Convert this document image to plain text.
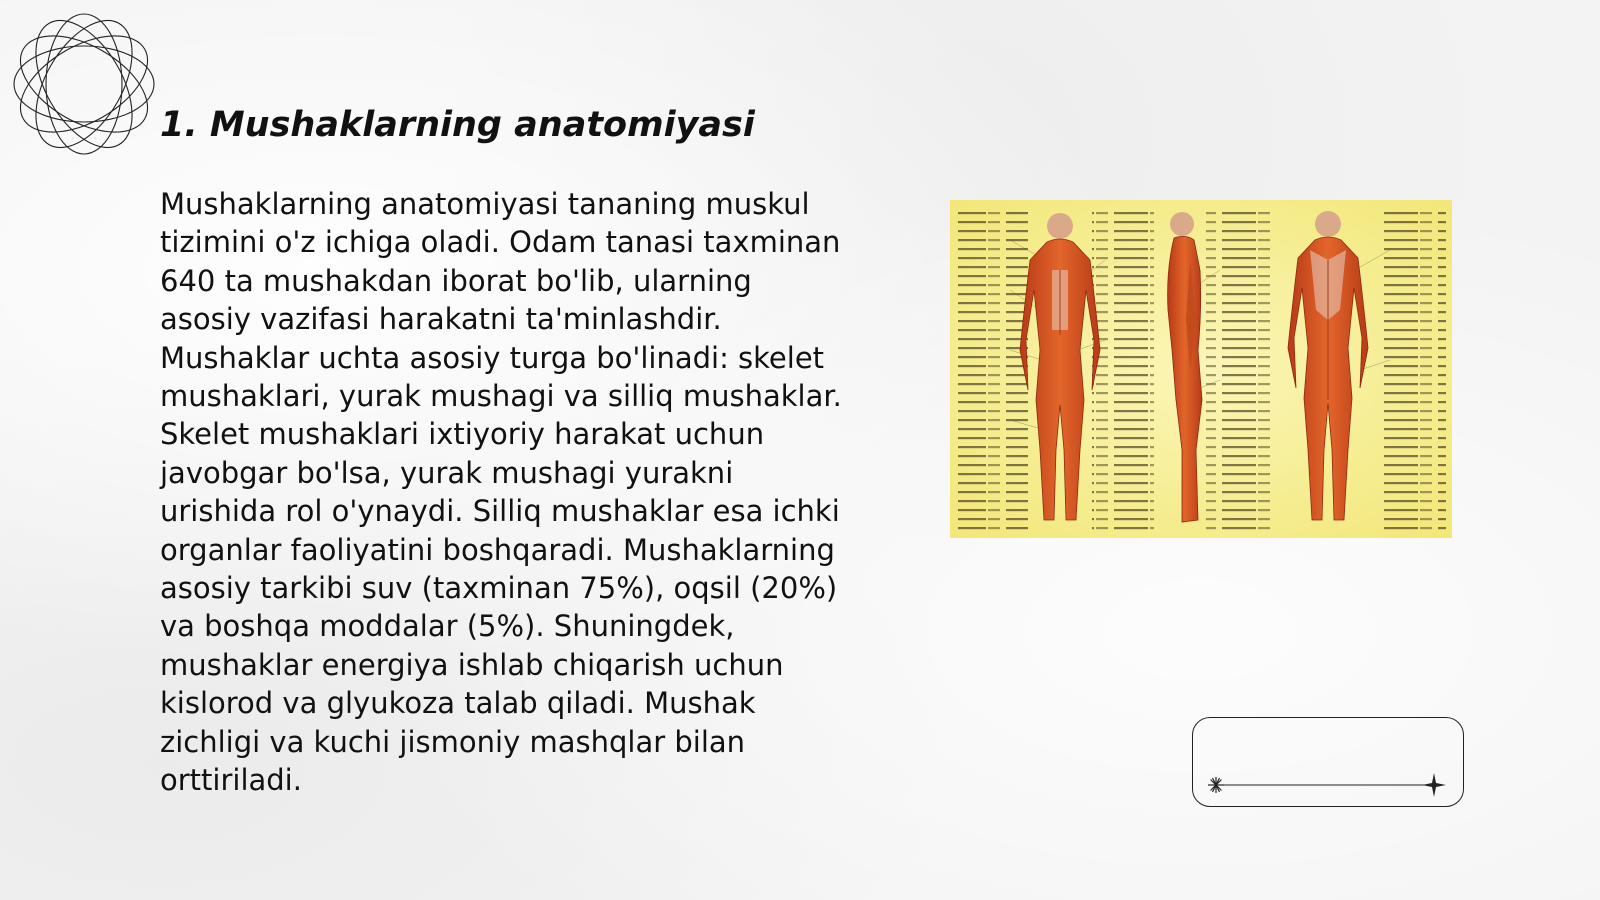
1. Mushaklarning anatomiyasi

Mushaklarning anatomiyasi tananing muskul tizimini o'z ichiga oladi. Odam tanasi taxminan 640 ta mushakdan iborat bo'lib, ularning asosiy vazifasi harakatni ta'minlashdir. Mushaklar uchta asosiy turga bo'linadi: skelet mushaklari, yurak mushagi va silliq mushaklar. Skelet mushaklari ixtiyoriy harakat uchun javobgar bo'lsa, yurak mushagi yurakni urishida rol o'ynaydi. Silliq mushaklar esa ichki organlar faoliyatini boshqaradi. Mushaklarning asosiy tarkibi suv (taxminan 75%), oqsil (20%) va boshqa moddalar (5%). Shuningdek, mushaklar energiya ishlab chiqarish uchun kislorod va glyukoza talab qiladi. Mushak zichligi va kuchi jismoniy mashqlar bilan orttiriladi.
